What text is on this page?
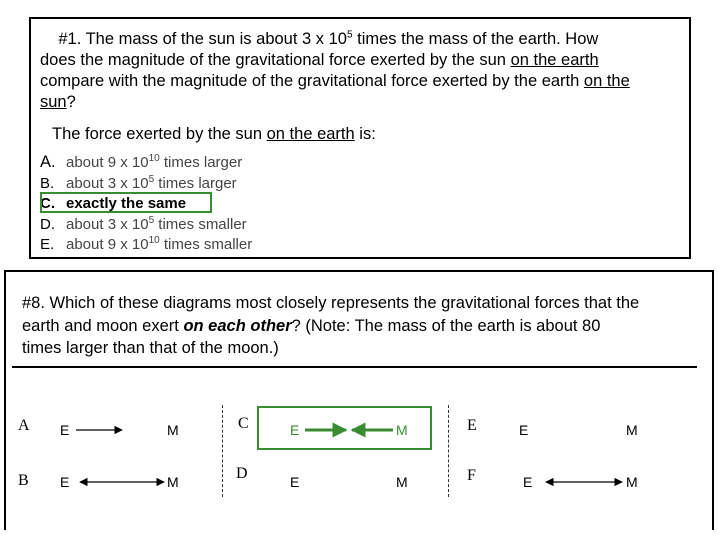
#1. The mass of the sun is about 3 x $10^5$ times the mass of the earth. How
does the magnitude of the gravitational force exerted by the sun on the earth
compare with the magnitude of the gravitational force exerted by the earth on the
sun?
The force exerted by the sun on the earth is:
A. about 9 x $10^{10}$ times larger
B. about 3 x $10^5$ times larger
C. exactly the same
D. about 3 x $10^5$ times smaller
E. about 9 x $10^{10}$ times smaller
#8. Which of these diagrams most closely represents the gravitational forces that the
earth and moon exert on each other? (Note: The mass of the earth is about 80
times larger than that of the moon.)
A E	M
B E	M
C	E	M
D	E	M
E	E	M
F	E	M
